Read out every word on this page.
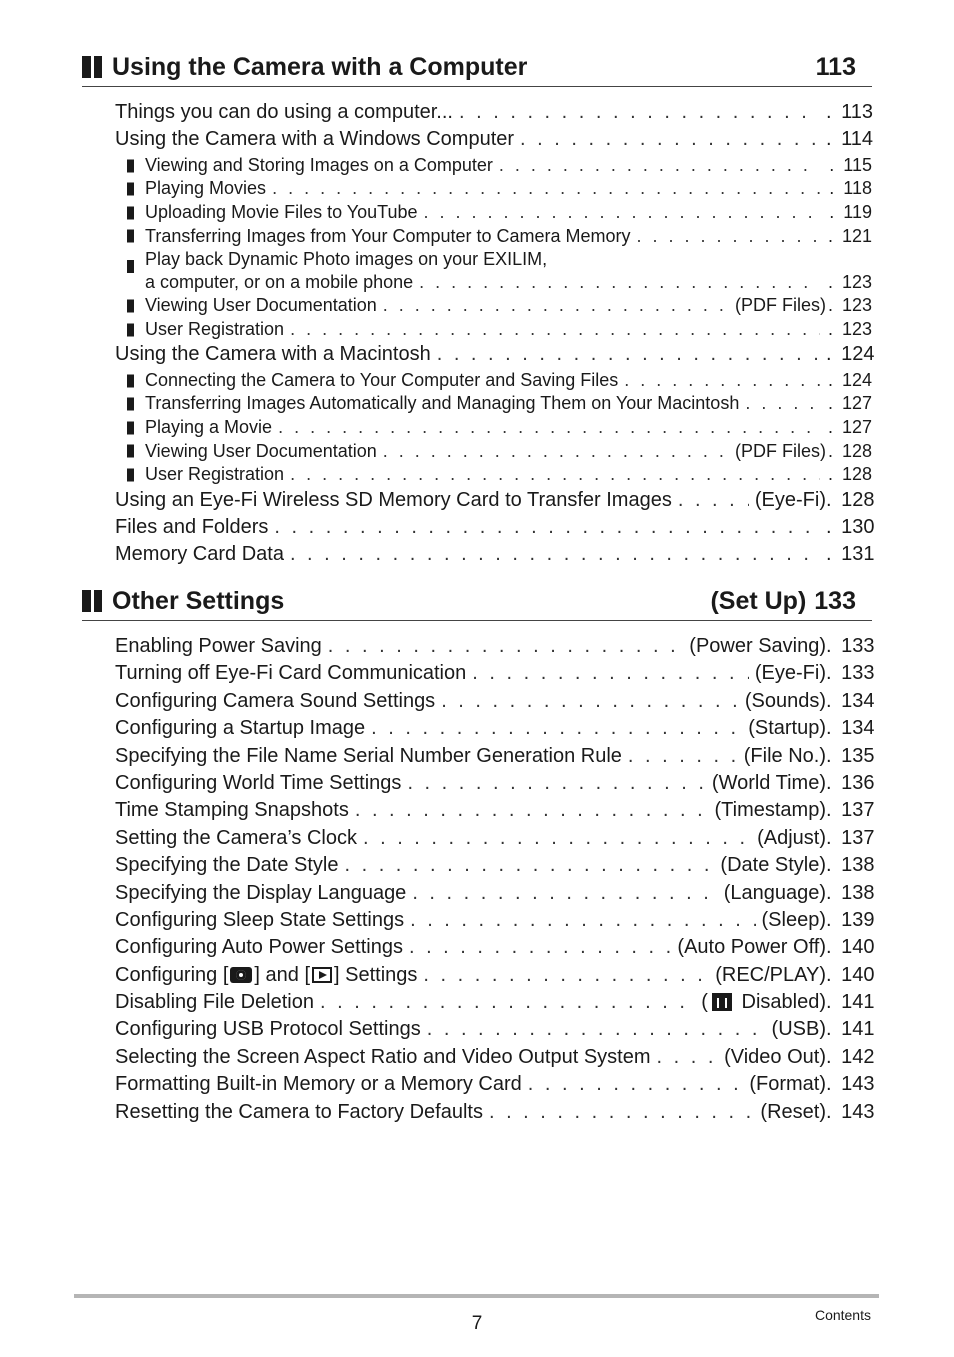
Using the Camera with a Computer	113
Things you can do using a computer... . . .	. 113
Using the Camera with a Windows Computer . . .	. 114
Viewing and Storing Images on a Computer . . .	. 115
Playing Movies . . .	. 118
Uploading Movie Files to YouTube . . .	. 119
Transferring Images from Your Computer to Camera Memory . . .	. 121
Play back Dynamic Photo images on your EXILIM,
a computer, or on a mobile phone . . .	. 123
Viewing User Documentation . . .	(PDF Files) . 123
User Registration . . .	. 123
Using the Camera with a Macintosh . . .	. 124
Connecting the Camera to Your Computer and Saving Files . . .	. 124
Transferring Images Automatically and Managing Them on Your Macintosh . . .	. 127
Playing a Movie . . .	. 127
Viewing User Documentation . . .	(PDF Files) . 128
User Registration . . .	. 128
Using an Eye-Fi Wireless SD Memory Card to Transfer Images . . .	(Eye-Fi) . 128
Files and Folders . . .	. 130
Memory Card Data . . .	. 131
Other Settings	(Set Up) 133
Enabling Power Saving . . .	(Power Saving) . 133
Turning off Eye-Fi Card Communication . . .	(Eye-Fi) . 133
Configuring Camera Sound Settings . . .	(Sounds) . 134
Configuring a Startup Image . . .	(Startup) . 134
Specifying the File Name Serial Number Generation Rule . . .	(File No.) . 135
Configuring World Time Settings . . .	(World Time) . 136
Time Stamping Snapshots . . .	(Timestamp) . 137
Setting the Camera’s Clock . . .	(Adjust) . 137
Specifying the Date Style . . .	(Date Style) . 138
Specifying the Display Language . . .	(Language) . 138
Configuring Sleep State Settings . . .	(Sleep) . 139
Configuring Auto Power Settings . . .	(Auto Power Off) . 140
Configuring [ ] and [ ] Settings . . .	(REC/PLAY) . 140
Disabling File Deletion . . .	( Disabled) . 141
Configuring USB Protocol Settings . . .	(USB) . 141
Selecting the Screen Aspect Ratio and Video Output System . . .	(Video Out) . 142
Formatting Built-in Memory or a Memory Card . . .	(Format) . 143
Resetting the Camera to Factory Defaults . . .	(Reset) . 143
7	Contents
